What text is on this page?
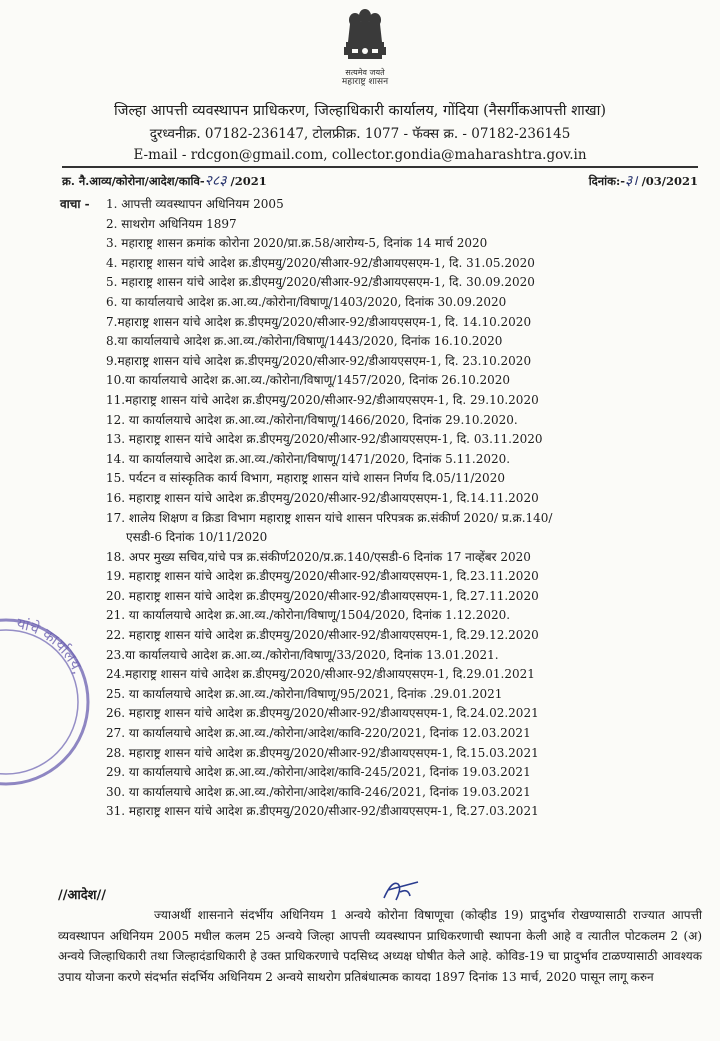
सत्यमेव जयते
महाराष्ट्र शासन
जिल्हा आपत्ती व्यवस्थापन प्राधिकरण, जिल्हाधिकारी कार्यालय, गोंदिया (नैसर्गीकआपत्ती शाखा)
दुरध्वनीक्र. 07182-236147, टोलफ्रीक्र. 1077 - फॅक्स क्र. - 07182-236145
E-mail - rdcgon@gmail.com, collector.gondia@maharashtra.gov.in
क्र. नै.आव्य/कोरोना/आदेश/कावि-२८३ /2021	दिनांक:-३। /03/2021
वाचा - 1. आपत्ती व्यवस्थापन अधिनियम 2005
2. साथरोग अधिनियम 1897
3. महाराष्ट्र शासन क्रमांक कोरोना 2020/प्रा.क्र.58/आरोग्य-5, दिनांक 14 मार्च 2020
4. महाराष्ट्र शासन यांचे आदेश क्र.डीएमयु/2020/सीआर-92/डीआयएसएम-1, दि. 31.05.2020
5. महाराष्ट्र शासन यांचे आदेश क्र.डीएमयु/2020/सीआर-92/डीआयएसएम-1, दि. 30.09.2020
6. या कार्यालयाचे आदेश क्र.आ.व्य./कोरोना/विषाणू/1403/2020, दिनांक 30.09.2020
7.महाराष्ट्र शासन यांचे आदेश क्र.डीएमयु/2020/सीआर-92/डीआयएसएम-1, दि. 14.10.2020
8.या कार्यालयाचे आदेश क्र.आ.व्य./कोरोना/विषाणू/1443/2020, दिनांक 16.10.2020
9.महाराष्ट्र शासन यांचे आदेश क्र.डीएमयु/2020/सीआर-92/डीआयएसएम-1, दि. 23.10.2020
10.या कार्यालयाचे आदेश क्र.आ.व्य./कोरोना/विषाणू/1457/2020, दिनांक 26.10.2020
11.महाराष्ट्र शासन यांचे आदेश क्र.डीएमयु/2020/सीआर-92/डीआयएसएम-1, दि. 29.10.2020
12. या कार्यालयाचे आदेश क्र.आ.व्य./कोरोना/विषाणू/1466/2020, दिनांक 29.10.2020.
13. महाराष्ट्र शासन यांचे आदेश क्र.डीएमयु/2020/सीआर-92/डीआयएसएम-1, दि. 03.11.2020
14. या कार्यालयाचे आदेश क्र.आ.व्य./कोरोना/विषाणू/1471/2020, दिनांक 5.11.2020.
15. पर्यटन व सांस्कृतिक कार्य विभाग, महाराष्ट्र शासन यांचे शासन निर्णय दि.05/11/2020
16. महाराष्ट्र शासन यांचे आदेश क्र.डीएमयु/2020/सीआर-92/डीआयएसएम-1, दि.14.11.2020
17. शालेय शिक्षण व क्रिडा विभाग महाराष्ट्र शासन यांचे शासन परिपत्रक क्र.संकीर्ण 2020/ प्र.क्र.140/
एसडी-6 दिनांक 10/11/2020
18. अपर मुख्य सचिव,यांचे पत्र क्र.संकीर्ण2020/प्र.क्र.140/एसडी-6 दिनांक 17 नाव्हेंबर 2020
19. महाराष्ट्र शासन यांचे आदेश क्र.डीएमयु/2020/सीआर-92/डीआयएसएम-1, दि.23.11.2020
20. महाराष्ट्र शासन यांचे आदेश क्र.डीएमयु/2020/सीआर-92/डीआयएसएम-1, दि.27.11.2020
21. या कार्यालयाचे आदेश क्र.आ.व्य./कोरोना/विषाणू/1504/2020, दिनांक 1.12.2020.
22. महाराष्ट्र शासन यांचे आदेश क्र.डीएमयु/2020/सीआर-92/डीआयएसएम-1, दि.29.12.2020
23.या कार्यालयाचे आदेश क्र.आ.व्य./कोरोना/विषाणू/33/2020, दिनांक 13.01.2021.
24.महाराष्ट्र शासन यांचे आदेश क्र.डीएमयु/2020/सीआर-92/डीआयएसएम-1, दि.29.01.2021
25. या कार्यालयाचे आदेश क्र.आ.व्य./कोरोना/विषाणू/95/2021, दिनांक .29.01.2021
26. महाराष्ट्र शासन यांचे आदेश क्र.डीएमयु/2020/सीआर-92/डीआयएसएम-1, दि.24.02.2021
27. या कार्यालयाचे आदेश क्र.आ.व्य./कोरोना/आदेश/कावि-220/2021, दिनांक 12.03.2021
28. महाराष्ट्र शासन यांचे आदेश क्र.डीएमयु/2020/सीआर-92/डीआयएसएम-1, दि.15.03.2021
29. या कार्यालयाचे आदेश क्र.आ.व्य./कोरोना/आदेश/कावि-245/2021, दिनांक 19.03.2021
30. या कार्यालयाचे आदेश क्र.आ.व्य./कोरोना/आदेश/कावि-246/2021, दिनांक 19.03.2021
31. महाराष्ट्र शासन यांचे आदेश क्र.डीएमयु/2020/सीआर-92/डीआयएसएम-1, दि.27.03.2021
यांचे कार्यालय,
//आदेश//

ज्याअर्थी शासनाने संदर्भीय अधिनियम 1 अन्वये कोरोना विषाणूचा (कोव्हीड 19) प्रादुर्भाव रोखण्यासाठी राज्यात आपत्ती व्यवस्थापन अधिनियम 2005 मधील कलम 25 अन्वये जिल्हा आपत्ती व्यवस्थापन प्राधिकरणाची स्थापना केली आहे व त्यातील पोटकलम 2 (अ) अन्वये जिल्हाधिकारी तथा जिल्हादंडाधिकारी हे उक्त प्राधिकरणाचे पदसिध्द अध्यक्ष घोषीत केले आहे. कोविड-19 चा प्रादुर्भाव टाळण्यासाठी आवश्यक उपाय योजना करणे संदर्भात संदर्भिय अधिनियम 2 अन्वये साथरोग प्रतिबंधात्मक कायदा 1897 दिनांक 13 मार्च, 2020 पासून लागू करुन
